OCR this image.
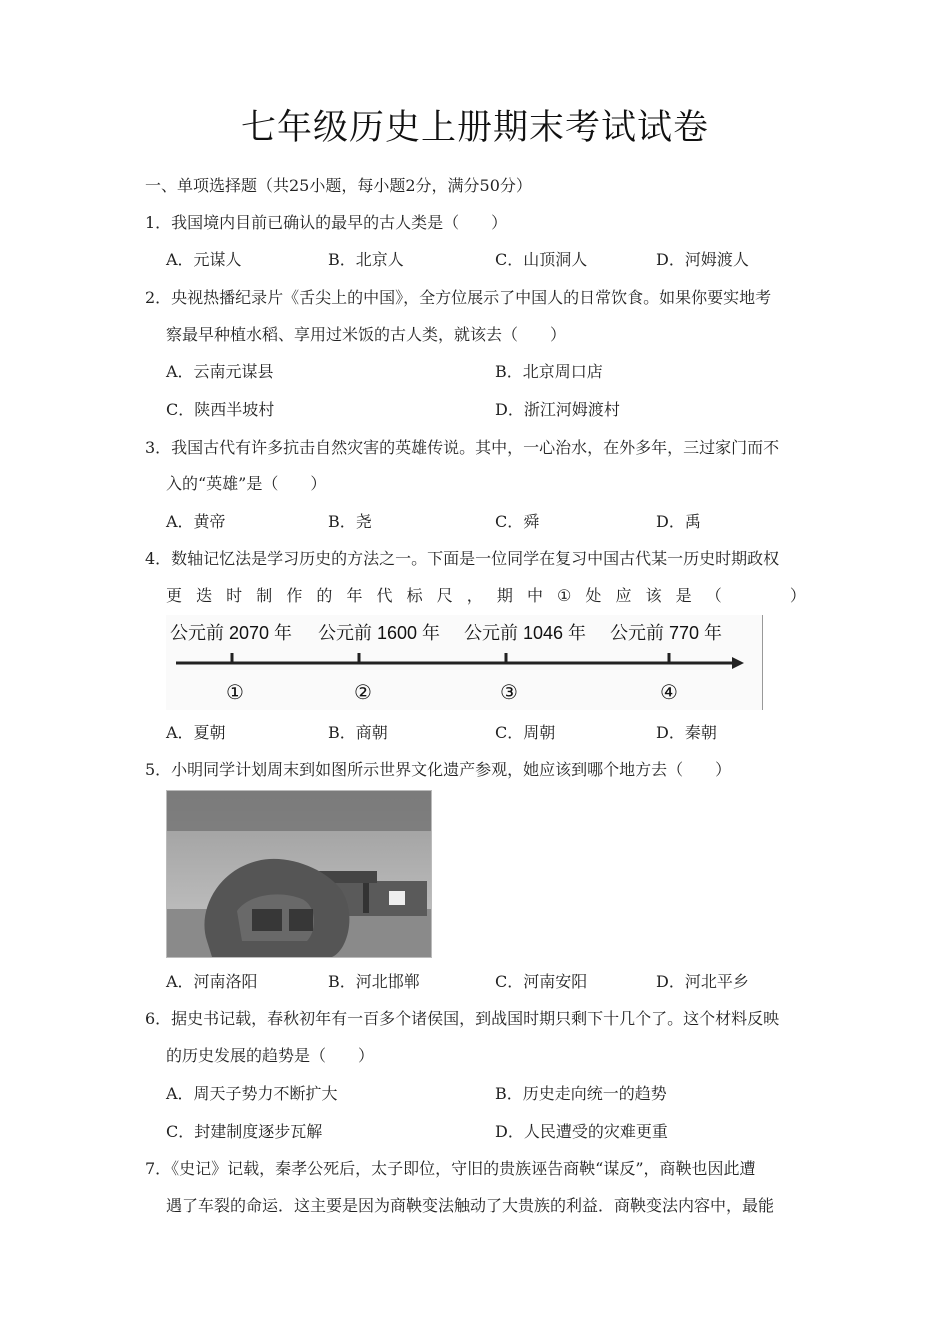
七年级历史上册期末考试试卷
一、单项选择题（共25小题，每小题2分，满分50分）
1．我国境内目前已确认的最早的古人类是（　　）
A．元谋人	B．北京人	C．山顶洞人	D．河姆渡人
2．央视热播纪录片《舌尖上的中国》，全方位展示了中国人的日常饮食。如果你要实地考
察最早种植水稻、享用过米饭的古人类，就该去（　　）
A．云南元谋县	B．北京周口店
C．陕西半坡村	D．浙江河姆渡村
3．我国古代有许多抗击自然灾害的英雄传说。其中，一心治水，在外多年，三过家门而不
入的“英雄”是（　　）
A．黄帝	B．尧	C．舜	D．禹
4．数轴记忆法是学习历史的方法之一。下面是一位同学在复习中国古代某一历史时期政权
更 迭 时 制 作 的 年 代 标 尺 ， 期 中 ① 处 应 该 是 （	）
公元前 2070 年 公元前 1600 年 公元前 1046 年 公元前 770 年
①	②	③	④
A．夏朝	B．商朝	C．周朝	D．秦朝
5．小明同学计划周末到如图所示世界文化遗产参观，她应该到哪个地方去（　　）
A．河南洛阳	B．河北邯郸	C．河南安阳	D．河北平乡
6．据史书记载，春秋初年有一百多个诸侯国，到战国时期只剩下十几个了。这个材料反映
的历史发展的趋势是（　　）
A．周天子势力不断扩大	B．历史走向统一的趋势
C．封建制度逐步瓦解	D．人民遭受的灾难更重
7．《史记》记载，秦孝公死后，太子即位，守旧的贵族诬告商鞅“谋反”，商鞅也因此遭
遇了车裂的命运．这主要是因为商鞅变法触动了大贵族的利益．商鞅变法内容中，最能
